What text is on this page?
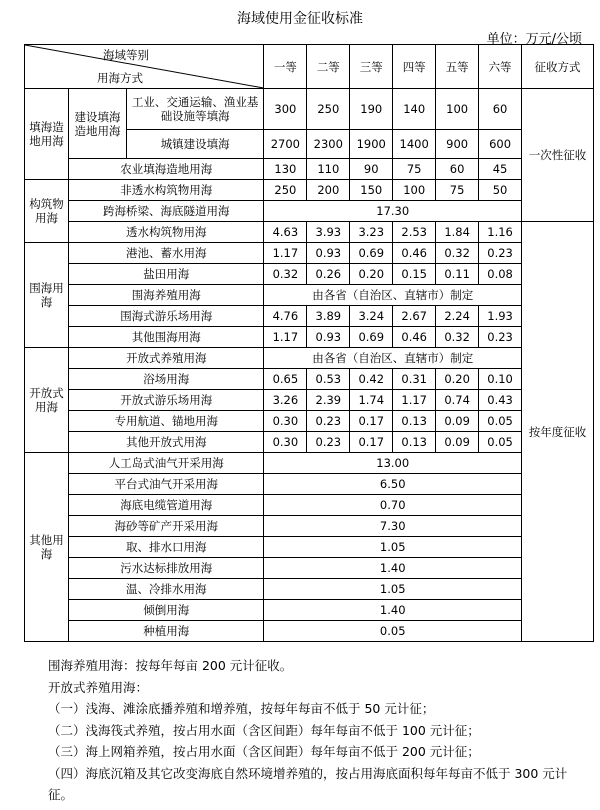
海域使用金征收标准
单位：万元/公顷
海域等别
用海方式			一等	二等	三等	四等	五等	六等	征收方式
填海造地用海	建设填海造地用海	工业、交通运输、渔业基础设施等填海	300	250	190	140	100	60	一次性征收
		城镇建设填海	2700	2300	1900	1400	900	600	
	农业填海造地用海		130	110	90	75	60	45	
构筑物用海	非透水构筑物用海		250	200	150	100	75	50	
	跨海桥梁、海底隧道用海		17.30						
	透水构筑物用海		4.63	3.93	3.23	2.53	1.84	1.16	按年度征收
围海用海	港池、蓄水用海		1.17	0.93	0.69	0.46	0.32	0.23	
	盐田用海		0.32	0.26	0.20	0.15	0.11	0.08	
	围海养殖用海		由各省（自治区、直辖市）制定						
	围海式游乐场用海		4.76	3.89	3.24	2.67	2.24	1.93	
	其他围海用海		1.17	0.93	0.69	0.46	0.32	0.23	
开放式用海	开放式养殖用海		由各省（自治区、直辖市）制定						
	浴场用海		0.65	0.53	0.42	0.31	0.20	0.10	
	开放式游乐场用海		3.26	2.39	1.74	1.17	0.74	0.43	
	专用航道、锚地用海		0.30	0.23	0.17	0.13	0.09	0.05	
	其他开放式用海		0.30	0.23	0.17	0.13	0.09	0.05	
其他用海	人工岛式油气开采用海		13.00						
	平台式油气开采用海		6.50						
	海底电缆管道用海		0.70						
	海砂等矿产开采用海		7.30						
	取、排水口用海		1.05						
	污水达标排放用海		1.40						
	温、冷排水用海		1.05						
	倾倒用海		1.40						
	种植用海		0.05						

围海养殖用海：按每年每亩 200 元计征收。

开放式养殖用海：

（一）浅海、滩涂底播养殖和增养殖，按每年每亩不低于 50 元计征；

（二）浅海筏式养殖，按占用水面（含区间距）每年每亩不低于 100 元计征；

（三）海上网箱养殖，按占用水面（含区间距）每年每亩不低于 200 元计征；

（四）海底沉箱及其它改变海底自然环境增养殖的，按占用海底面积每年每亩不低于 300 元计征。
